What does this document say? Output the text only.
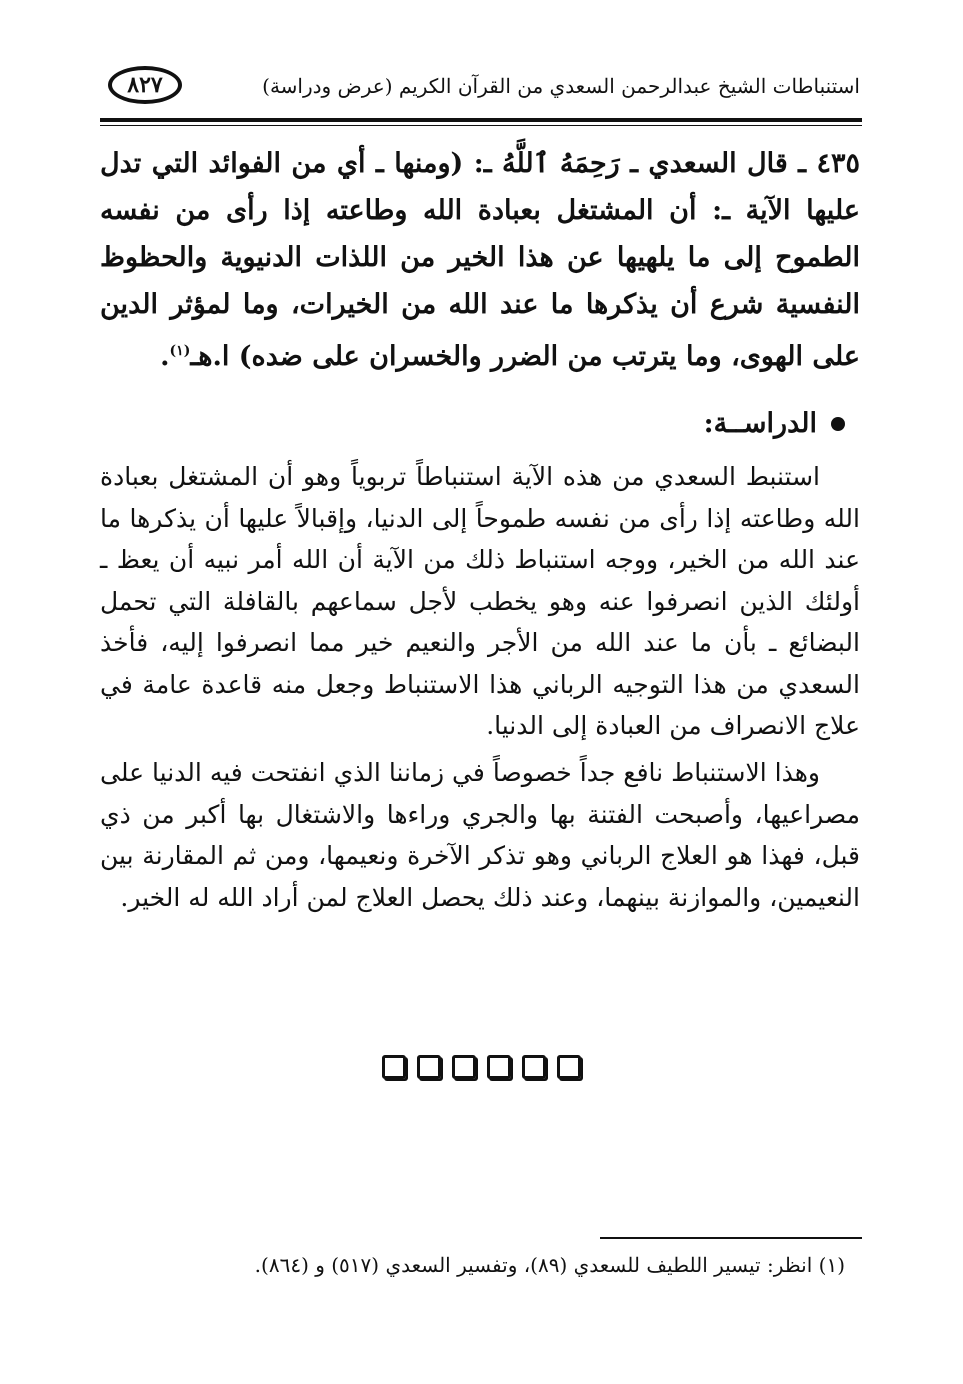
استنباطات الشيخ عبدالرحمن السعدي من القرآن الكريم (عرض ودراسة)
٨٢٧
٤٣٥ ـ قال السعدي ـ رَحِمَهُ ٱللَّهُ ـ: (ومنها ـ أي من الفوائد التي تدل عليها الآية ـ: أن المشتغل بعبادة الله وطاعته إذا رأى من نفسه الطموح إلى ما يلهيها عن هذا الخير من اللذات الدنيوية والحظوظ النفسية شرع أن يذكرها ما عند الله من الخيرات، وما لمؤثر الدين على الهوى، وما يترتب من الضرر والخسران على ضده) ا.هـ$^{(١)}$.
الدراســة:
استنبط السعدي من هذه الآية استنباطاً تربوياً وهو أن المشتغل بعبادة الله وطاعته إذا رأى من نفسه طموحاً إلى الدنيا، وإقبالاً عليها أن يذكرها ما عند الله من الخير، ووجه استنباط ذلك من الآية أن الله أمر نبيه أن يعظ ـ أولئك الذين انصرفوا عنه وهو يخطب لأجل سماعهم بالقافلة التي تحمل البضائع ـ بأن ما عند الله من الأجر والنعيم خير مما انصرفوا إليه، فأخذ السعدي من هذا التوجيه الرباني هذا الاستنباط وجعل منه قاعدة عامة في علاج الانصراف من العبادة إلى الدنيا.
وهذا الاستنباط نافع جداً خصوصاً في زماننا الذي انفتحت فيه الدنيا على مصراعيها، وأصبحت الفتنة بها والجري وراءها والاشتغال بها أكبر من ذي قبل، فهذا هو العلاج الرباني وهو تذكر الآخرة ونعيمها، ومن ثم المقارنة بين النعيمين، والموازنة بينهما، وعند ذلك يحصل العلاج لمن أراد الله له الخير.
(١) انظر: تيسير اللطيف للسعدي (٨٩)، وتفسير السعدي (٥١٧) و (٨٦٤).
